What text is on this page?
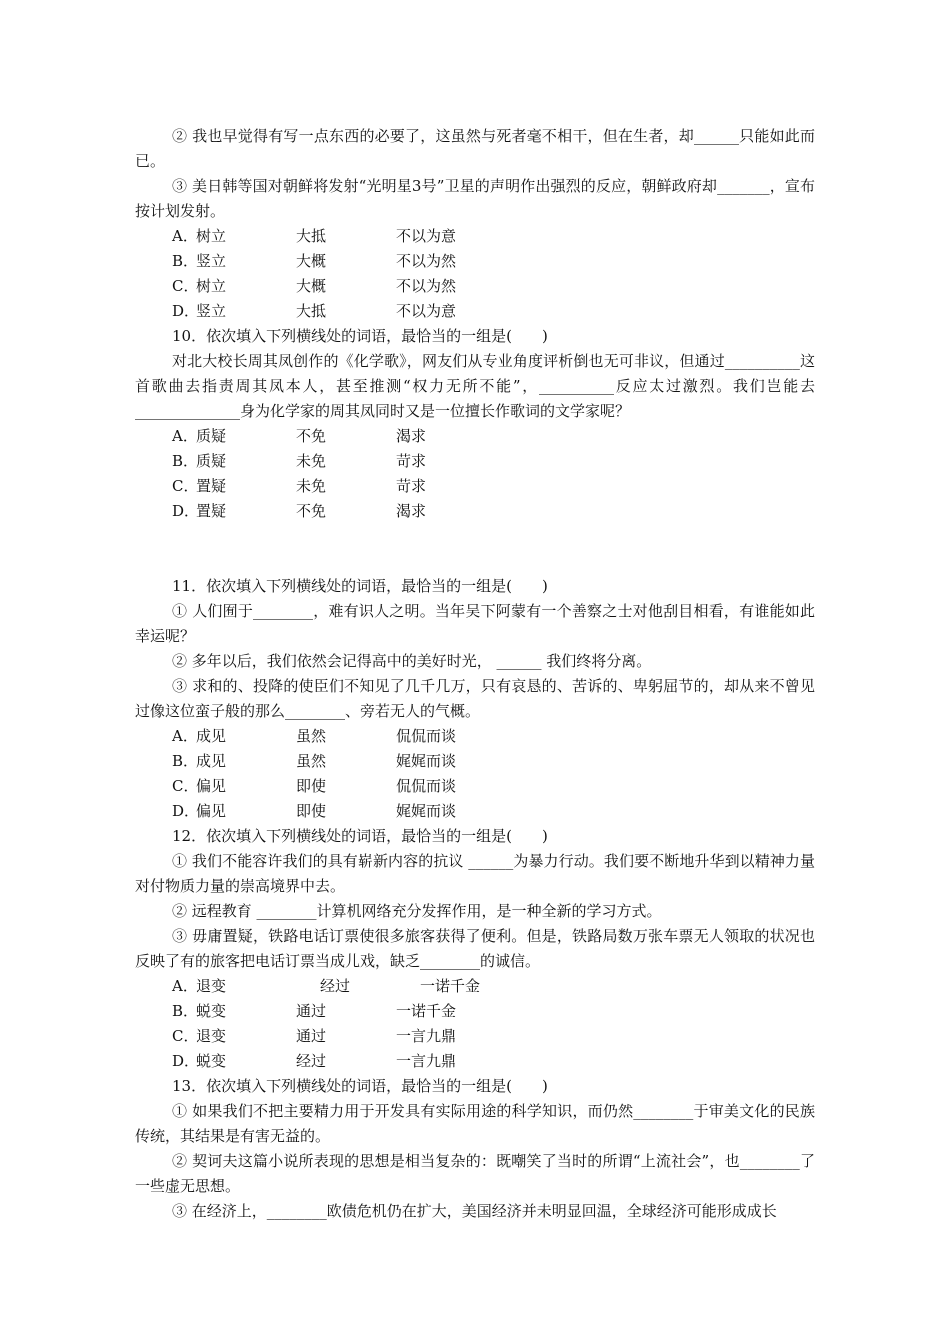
② 我也早觉得有写一点东西的必要了，这虽然与死者毫不相干，但在生者，却______只能如此而已。

③ 美日韩等国对朝鲜将发射“光明星3号”卫星的声明作出强烈的反应，朝鲜政府却_______，宣布按计划发射。

A．树立	大抵	不以为意
B．竖立	大概	不以为然
C．树立	大概	不以为然
D．竖立	大抵	不以为意

10．依次填入下列横线处的词语，最恰当的一组是(　　)

对北大校长周其凤创作的《化学歌》，网友们从专业角度评析倒也无可非议，但通过__________这首歌曲去指责周其凤本人，甚至推测“权力无所不能”，__________反应太过激烈。我们岂能去______________身为化学家的周其凤同时又是一位擅长作歌词的文学家呢？

A．质疑	不免	渴求
B．质疑	未免	苛求
C．置疑	未免	苛求
D．置疑	不免	渴求

11．依次填入下列横线处的词语，最恰当的一组是(　　)

① 人们囿于________，难有识人之明。当年吴下阿蒙有一个善察之士对他刮目相看，有谁能如此幸运呢？

② 多年以后，我们依然会记得高中的美好时光， ______ 我们终将分离。

③ 求和的、投降的使臣们不知见了几千几万，只有哀恳的、苦诉的、卑躬屈节的，却从来不曾见过像这位蛮子般的那么________、旁若无人的气概。

A．成见	虽然	侃侃而谈
B．成见	虽然	娓娓而谈
C．偏见	即使	侃侃而谈
D．偏见	即使	娓娓而谈

12．依次填入下列横线处的词语，最恰当的一组是(　　)

① 我们不能容许我们的具有崭新内容的抗议 ______为暴力行动。我们要不断地升华到以精神力量对付物质力量的崇高境界中去。

② 远程教育 ________计算机网络充分发挥作用，是一种全新的学习方式。

③ 毋庸置疑，铁路电话订票使很多旅客获得了便利。但是，铁路局数万张车票无人领取的状况也反映了有的旅客把电话订票当成儿戏，缺乏________的诚信。

A．退变	经过	一诺千金
B．蜕变	通过	一诺千金
C．退变	通过	一言九鼎
D．蜕变	经过	一言九鼎

13．依次填入下列横线处的词语，最恰当的一组是(　　)

① 如果我们不把主要精力用于开发具有实际用途的科学知识，而仍然________于审美文化的民族传统，其结果是有害无益的。

② 契诃夫这篇小说所表现的思想是相当复杂的：既嘲笑了当时的所谓“上流社会”，也________了一些虚无思想。

③ 在经济上，________欧债危机仍在扩大，美国经济并未明显回温，全球经济可能形成成长
